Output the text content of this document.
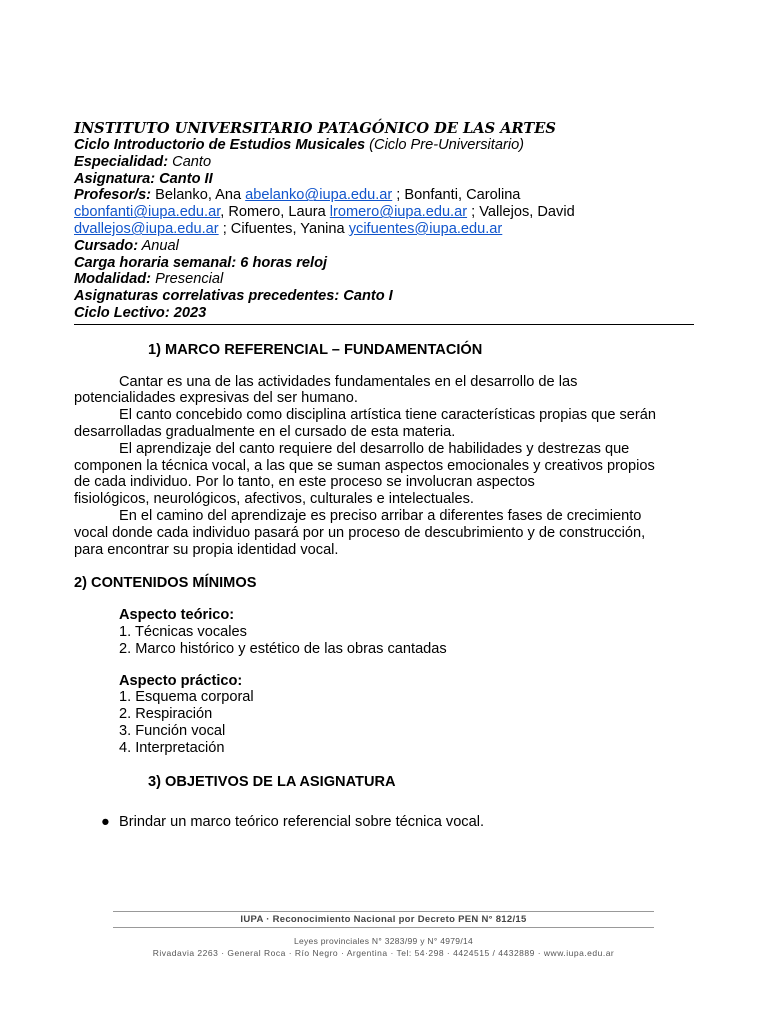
INSTITUTO UNIVERSITARIO PATAGÓNICO DE LAS ARTES
Ciclo Introductorio de Estudios Musicales (Ciclo Pre-Universitario)
Especialidad: Canto
Asignatura: Canto II
Profesor/s: Belanko, Ana abelanko@iupa.edu.ar ; Bonfanti, Carolina
cbonfanti@iupa.edu.ar, Romero, Laura lromero@iupa.edu.ar ; Vallejos, David
dvallejos@iupa.edu.ar ; Cifuentes, Yanina ycifuentes@iupa.edu.ar
Cursado: Anual
Carga horaria semanal: 6 horas reloj
Modalidad: Presencial
Asignaturas correlativas precedentes: Canto I
Ciclo Lectivo: 2023
1) MARCO REFERENCIAL – FUNDAMENTACIÓN
Cantar es una de las actividades fundamentales en el desarrollo de las
potencialidades expresivas del ser humano.
El canto concebido como disciplina artística tiene características propias que serán
desarrolladas gradualmente en el cursado de esta materia.
El aprendizaje del canto requiere del desarrollo de habilidades y destrezas que
componen la técnica vocal, a las que se suman aspectos emocionales y creativos propios
de cada individuo. Por lo tanto, en este proceso se involucran aspectos
fisiológicos, neurológicos, afectivos, culturales e intelectuales.
En el camino del aprendizaje es preciso arribar a diferentes fases de crecimiento
vocal donde cada individuo pasará por un proceso de descubrimiento y de construcción,
para encontrar su propia identidad vocal.
2) CONTENIDOS MÍNIMOS
Aspecto teórico:
1. Técnicas vocales
2. Marco histórico y estético de las obras cantadas
Aspecto práctico:
1. Esquema corporal
2. Respiración
3. Función vocal
4. Interpretación
3) OBJETIVOS DE LA ASIGNATURA
● Brindar un marco teórico referencial sobre técnica vocal.
IUPA · Reconocimiento Nacional por Decreto PEN N° 812/15
Leyes provinciales N° 3283/99 y N° 4979/14
Rivadavia 2263 · General Roca · Río Negro · Argentina · Tel: 54·298 · 4424515 / 4432889 · www.iupa.edu.ar
